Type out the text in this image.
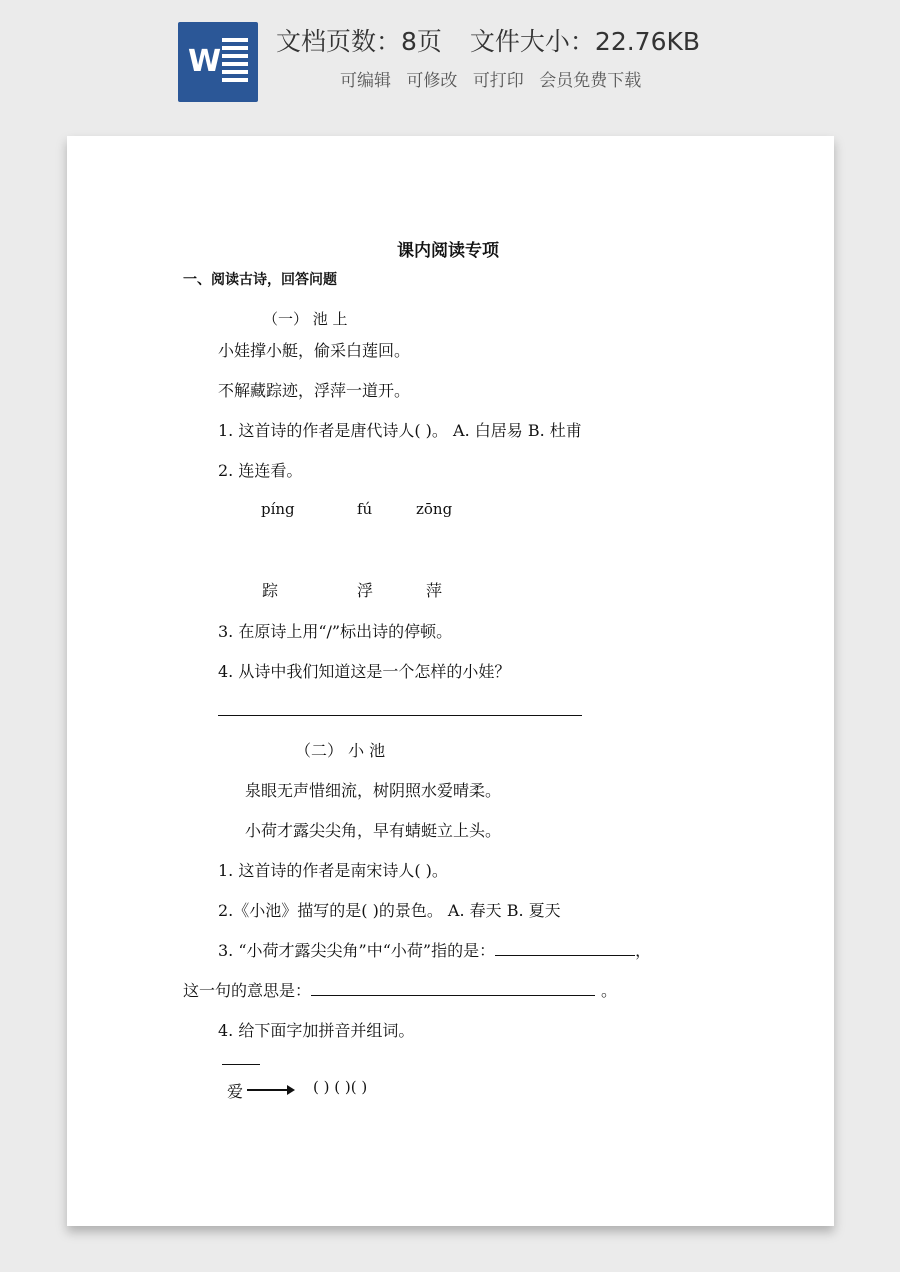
W
文档页数：8页 文件大小：22.76KB
可编辑 可修改 可打印 会员免费下载
课内阅读专项
一、阅读古诗，回答问题
（一） 池 上
小娃撑小艇，偷采白莲回。
不解藏踪迹，浮萍一道开。
1. 这首诗的作者是唐代诗人( )。 A. 白居易 B. 杜甫
2. 连连看。
píng	fú	zōng
踪	浮	萍
3. 在原诗上用“/”标出诗的停顿。
4. 从诗中我们知道这是一个怎样的小娃？
（二） 小 池
泉眼无声惜细流，树阴照水爱晴柔。
小荷才露尖尖角，早有蜻蜓立上头。
1. 这首诗的作者是南宋诗人( )。
2.《小池》描写的是( )的景色。 A. 春天 B. 夏天
3. “小荷才露尖尖角”中“小荷”指的是：	，
这一句的意思是：	。
4. 给下面字加拼音并组词。
爱	( ) ( )( )
